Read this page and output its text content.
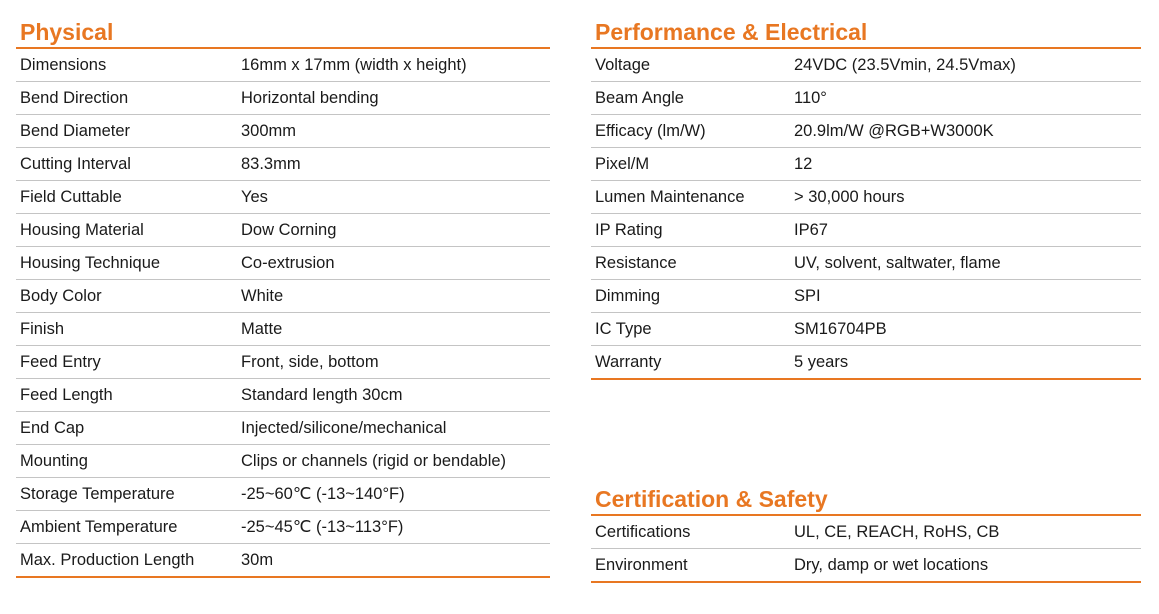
Physical
Dimensions	16mm x 17mm (width x height)
Bend Direction	Horizontal bending
Bend Diameter	300mm
Cutting Interval	83.3mm
Field Cuttable	Yes
Housing Material	Dow Corning
Housing Technique	Co-extrusion
Body Color	White
Finish	Matte
Feed Entry	Front, side, bottom
Feed Length	Standard length 30cm
End Cap	Injected/silicone/mechanical
Mounting	Clips or channels (rigid or bendable)
Storage Temperature	-25~60℃ (-13~140°F)
Ambient Temperature	-25~45℃ (-13~113°F)
Max. Production Length	30m
Performance & Electrical
Voltage	24VDC (23.5Vmin, 24.5Vmax)
Beam Angle	110°
Efficacy (lm/W)	20.9lm/W @RGB+W3000K
Pixel/M	12
Lumen Maintenance	> 30,000 hours
IP Rating	IP67
Resistance	UV, solvent, saltwater, flame
Dimming	SPI
IC Type	SM16704PB
Warranty	5 years
Certification & Safety
Certifications	UL, CE, REACH, RoHS, CB
Environment	Dry, damp or wet locations
